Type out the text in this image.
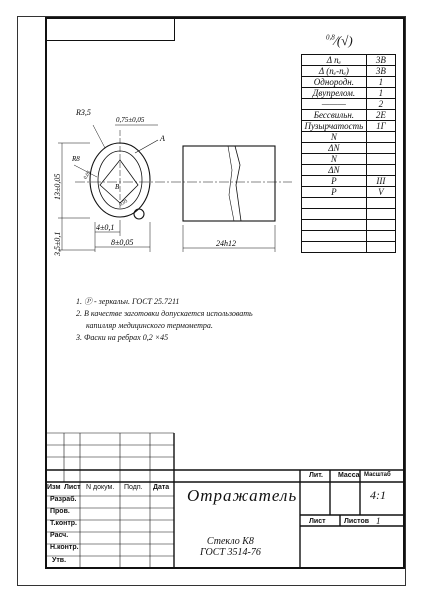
$^{0,8}$∕(√)
Δ nₑ	3B
Δ (nₑ-nₑ)	3B
Однородн.	1
Двупрелом.	1
———	2
Бессвильн.	2Е
Пузырчатость	1Г
N	
ΔN	
N	
ΔN	
P	III
P	V

R3,5
0,75±0,05
A
R8
0,05
B
0,05
13±0,05
3,5±0,1
4±0,1
8±0,05	24h12
1. Ⓟ - зеркальн. ГОСТ 25.7211
2. В качестве заготовки допускается использовать
капилляр медицинского термометра.
3. Фаски на ребрах 0,2 ×45
Изм Лист N докум. Подп. Дата
Разраб.
Пров.
Т.контр.
Расч.
Н.контр.
Утв.
Лит. Масса Масштаб
Лист	Листов 1
Отражатель	4:1
Стекло К8
ГОСТ 3514-76
